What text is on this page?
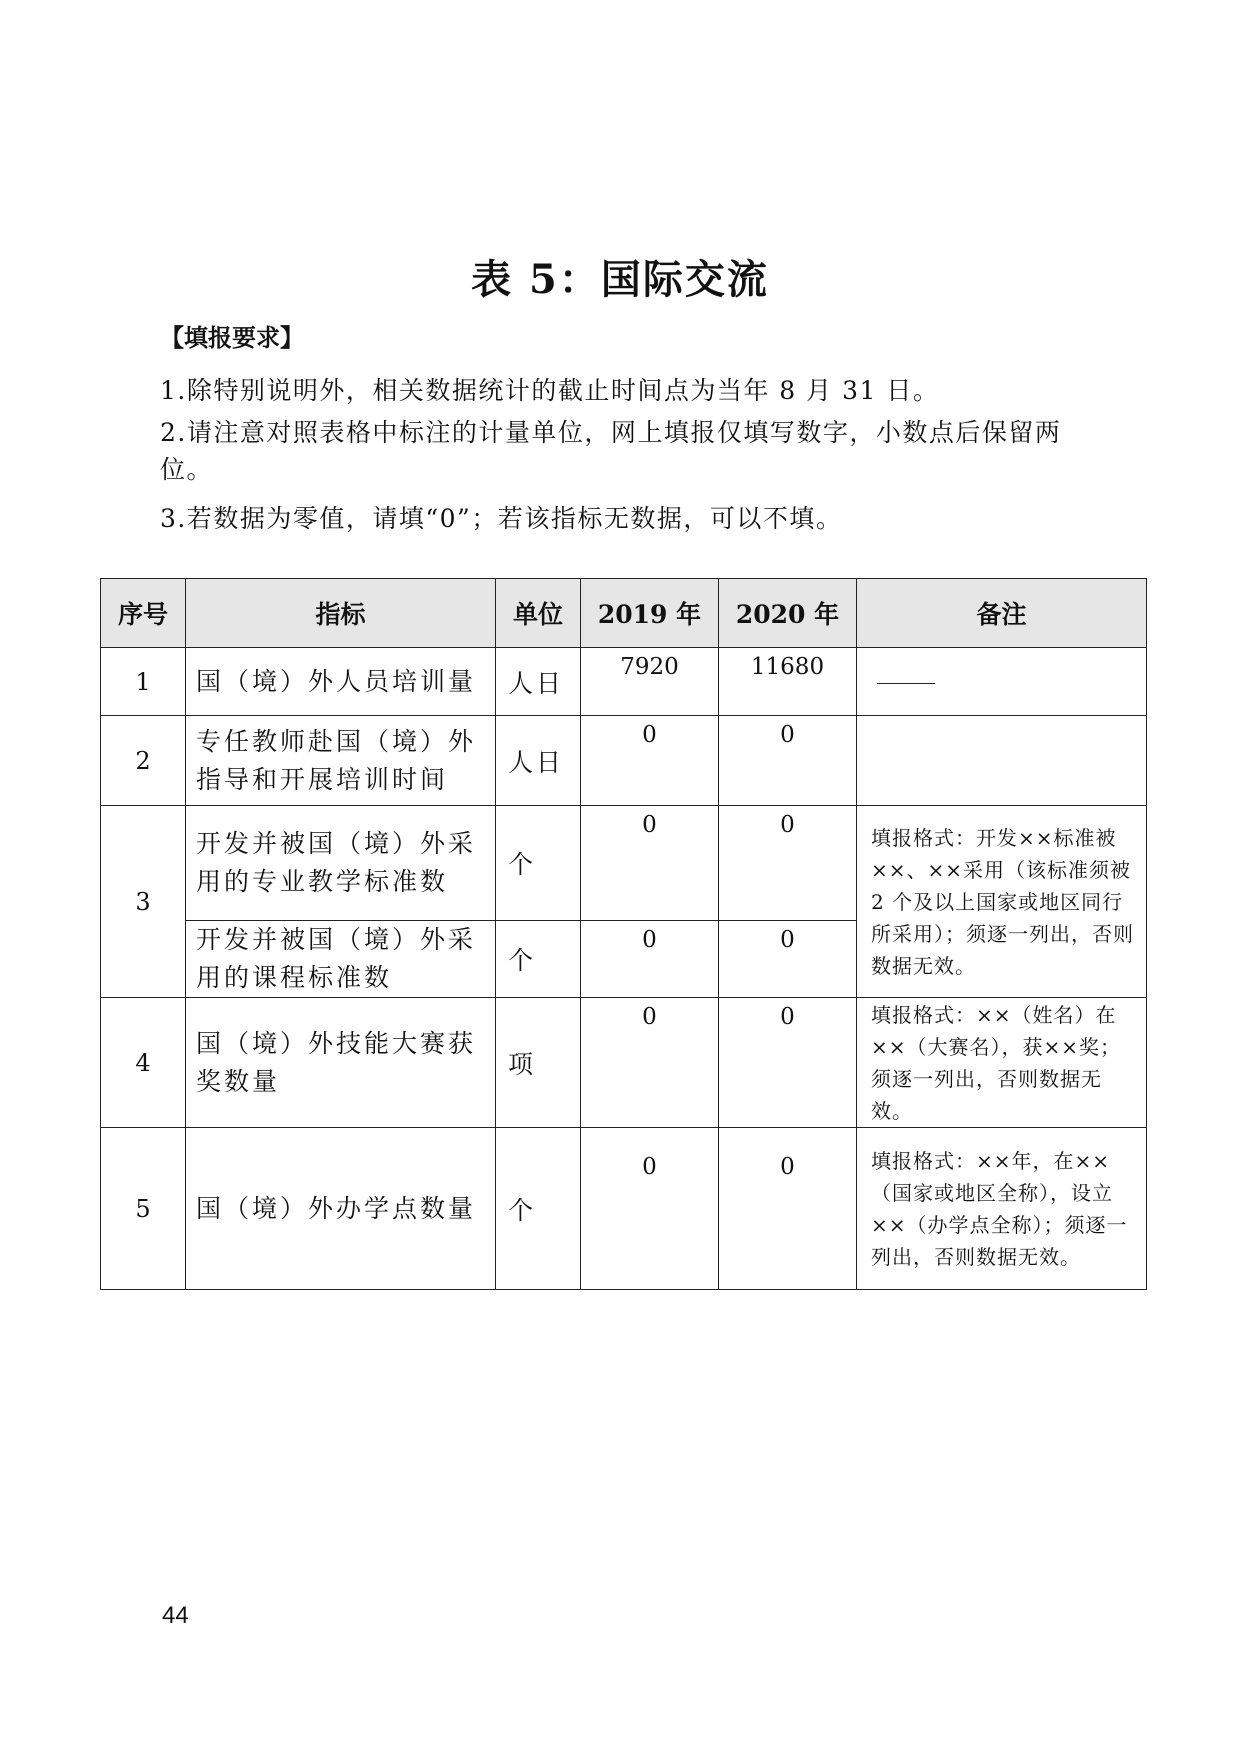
表 5：国际交流
【填报要求】
1.除特别说明外，相关数据统计的截止时间点为当年 8 月 31 日。
2.请注意对照表格中标注的计量单位，网上填报仅填写数字，小数点后保留两位。
3.若数据为零值，请填“0”；若该指标无数据，可以不填。
序号	指标	单位	2019 年	2020 年	备注
1	国（境）外人员培训量	人日	7920	11680	
2	专任教师赴国（境）外指导和开展培训时间	人日	0	0	
3	开发并被国（境）外采用的专业教学标准数	个	0	0	填报格式：开发××标准被××、××采用（该标准须被 2 个及以上国家或地区同行所采用）；须逐一列出，否则数据无效。
	开发并被国（境）外采用的课程标准数	个	0	0	
4	国（境）外技能大赛获奖数量	项	0	0	填报格式：××（姓名）在××（大赛名），获××奖；须逐一列出，否则数据无效。
5	国（境）外办学点数量	个	0	0	填报格式：××年，在××（国家或地区全称），设立××（办学点全称）；须逐一列出，否则数据无效。
44
